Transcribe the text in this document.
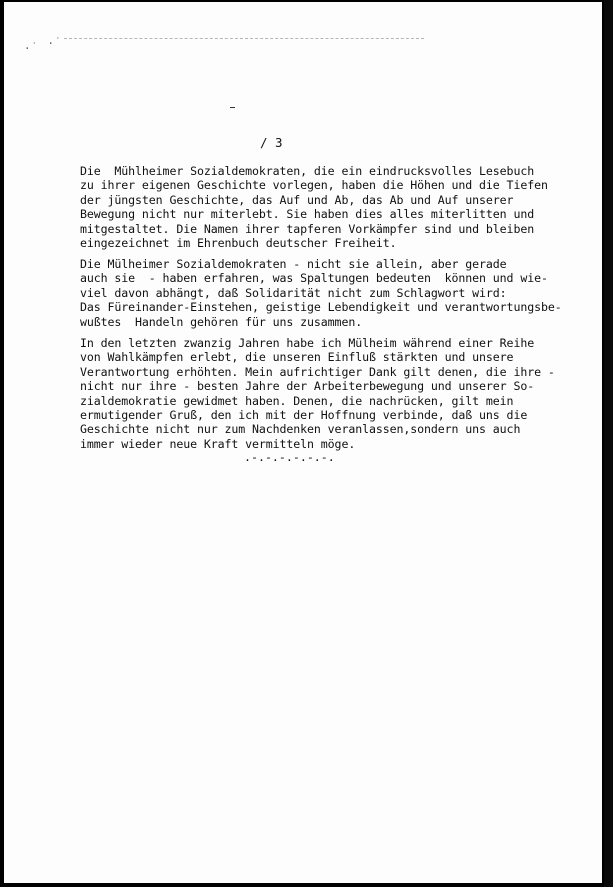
·˙ ·˙
/ 3
Die  Mühlheimer Sozialdemokraten, die ein eindrucksvolles Lesebuch
zu ihrer eigenen Geschichte vorlegen, haben die Höhen und die Tiefen
der jüngsten Geschichte, das Auf und Ab, das Ab und Auf unserer
Bewegung nicht nur miterlebt. Sie haben dies alles miterlitten und
mitgestaltet. Die Namen ihrer tapferen Vorkämpfer sind und bleiben
eingezeichnet im Ehrenbuch deutscher Freiheit.
Die Mülheimer Sozialdemokraten - nicht sie allein, aber gerade
auch sie  - haben erfahren, was Spaltungen bedeuten  können und wie-
viel davon abhängt, daß Solidarität nicht zum Schlagwort wird:
Das Füreinander-Einstehen, geistige Lebendigkeit und verantwortungsbe-
wußtes  Handeln gehören für uns zusammen.
In den letzten zwanzig Jahren habe ich Mülheim während einer Reihe
von Wahlkämpfen erlebt, die unseren Einfluß stärkten und unsere
Verantwortung erhöhten. Mein aufrichtiger Dank gilt denen, die ihre -
nicht nur ihre - besten Jahre der Arbeiterbewegung und unserer So-
zialdemokratie gewidmet haben. Denen, die nachrücken, gilt mein
ermutigender Gruß, den ich mit der Hoffnung verbinde, daß uns die
Geschichte nicht nur zum Nachdenken veranlassen,sondern uns auch
immer wieder neue Kraft vermitteln möge.
.-.-.-.-.-.-.
